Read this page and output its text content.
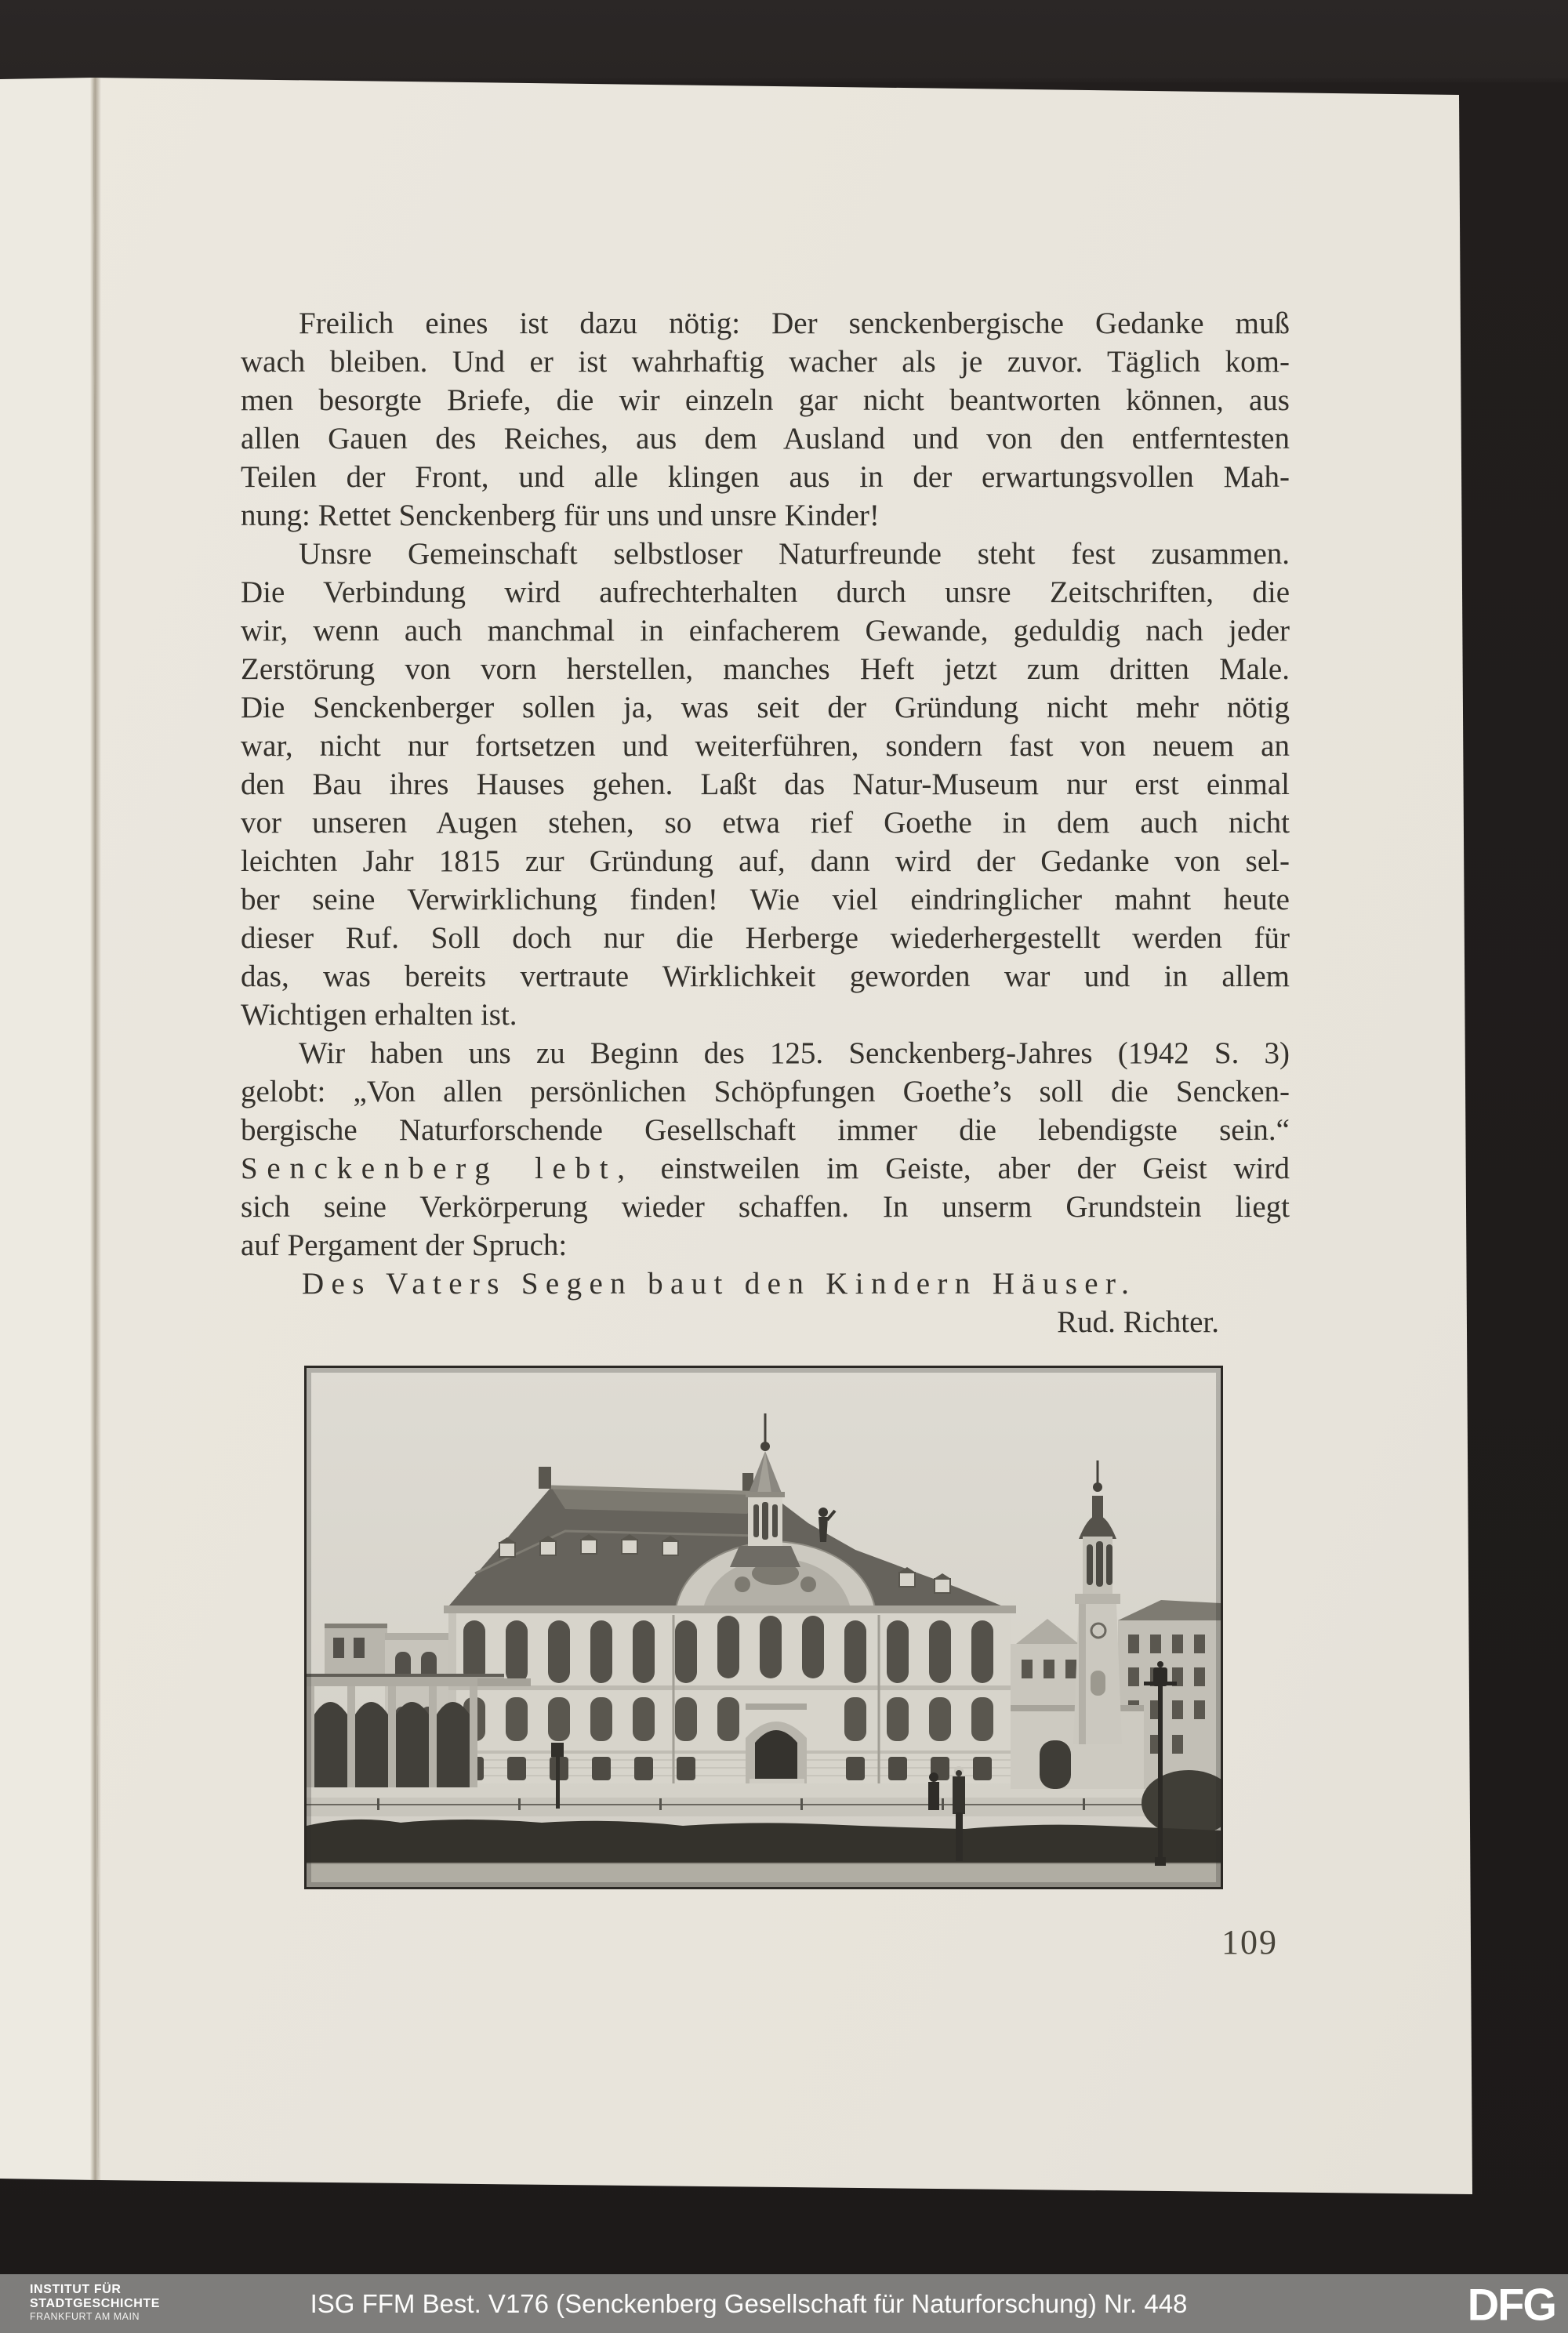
Freilich eines ist dazu nötig: Der senckenbergische Gedanke muß
wach bleiben. Und er ist wahrhaftig wacher als je zuvor. Täglich kom-
men besorgte Briefe, die wir einzeln gar nicht beantworten können, aus
allen Gauen des Reiches, aus dem Ausland und von den entferntesten
Teilen der Front, und alle klingen aus in der erwartungsvollen Mah-
nung: Rettet Senckenberg für uns und unsre Kinder!
Unsre Gemeinschaft selbstloser Naturfreunde steht fest zusammen.
Die Verbindung wird aufrechterhalten durch unsre Zeitschriften, die
wir, wenn auch manchmal in einfacherem Gewande, geduldig nach jeder
Zerstörung von vorn herstellen, manches Heft jetzt zum dritten Male.
Die Senckenberger sollen ja, was seit der Gründung nicht mehr nötig
war, nicht nur fortsetzen und weiterführen, sondern fast von neuem an
den Bau ihres Hauses gehen. Laßt das Natur-Museum nur erst einmal
vor unseren Augen stehen, so etwa rief Goethe in dem auch nicht
leichten Jahr 1815 zur Gründung auf, dann wird der Gedanke von sel-
ber seine Verwirklichung finden! Wie viel eindringlicher mahnt heute
dieser Ruf. Soll doch nur die Herberge wiederhergestellt werden für
das, was bereits vertraute Wirklichkeit geworden war und in allem
Wichtigen erhalten ist.
Wir haben uns zu Beginn des 125. Senckenberg-Jahres (1942 S. 3)
gelobt: „Von allen persönlichen Schöpfungen Goethe’s soll die Sencken-
bergische Naturforschende Gesellschaft immer die lebendigste sein.“
Senckenberg lebt, einstweilen im Geiste, aber der Geist wird
sich seine Verkörperung wieder schaffen. In unserm Grundstein liegt
auf Pergament der Spruch:
Des Vaters Segen baut den Kindern Häuser.
Rud. Richter.
109
INSTITUT FÜR
STADTGESCHICHTE
FRANKFURT AM MAIN	ISG FFM Best. V176 (Senckenberg Gesellschaft für Naturforschung) Nr. 448	DFG
